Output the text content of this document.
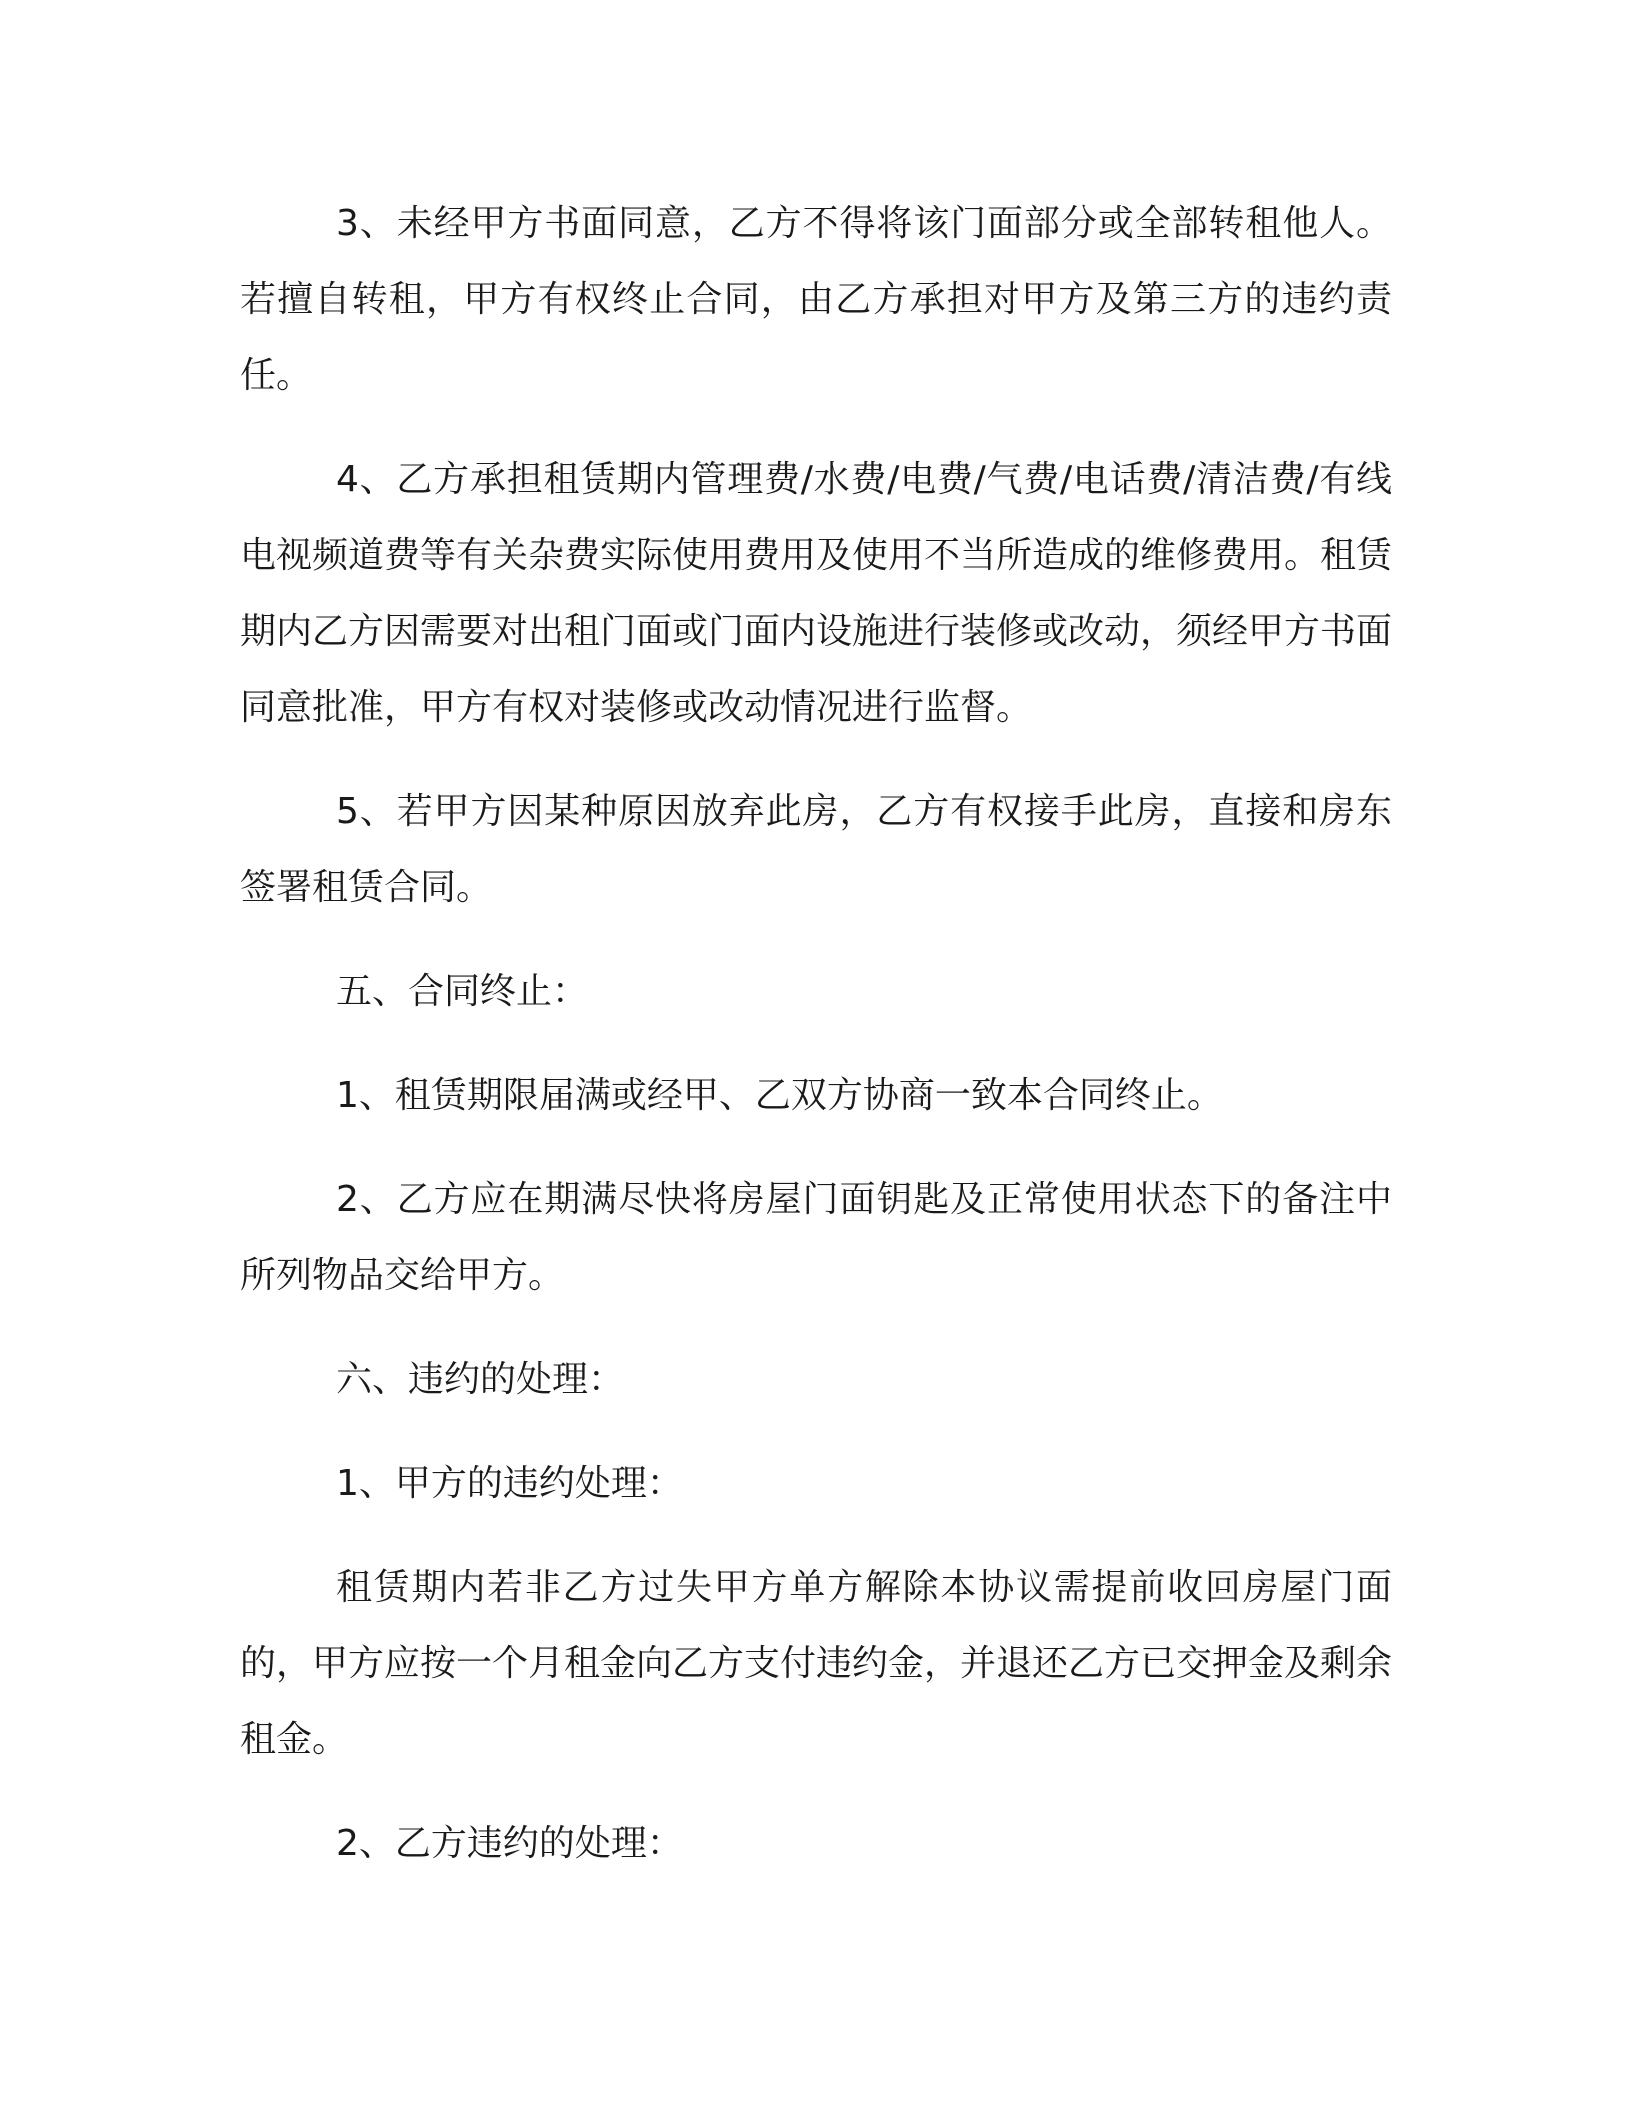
3、未经甲方书面同意，乙方不得将该门面部分或全部转租他人。若擅自转租，甲方有权终止合同，由乙方承担对甲方及第三方的违约责任。

4、乙方承担租赁期内管理费/水费/电费/气费/电话费/清洁费/有线电视频道费等有关杂费实际使用费用及使用不当所造成的维修费用。租赁期内乙方因需要对出租门面或门面内设施进行装修或改动，须经甲方书面同意批准，甲方有权对装修或改动情况进行监督。

5、若甲方因某种原因放弃此房，乙方有权接手此房，直接和房东签署租赁合同。

五、合同终止：

1、租赁期限届满或经甲、乙双方协商一致本合同终止。

2、乙方应在期满尽快将房屋门面钥匙及正常使用状态下的备注中所列物品交给甲方。

六、违约的处理：

1、甲方的违约处理：

租赁期内若非乙方过失甲方单方解除本协议需提前收回房屋门面的，甲方应按一个月租金向乙方支付违约金，并退还乙方已交押金及剩余租金。

2、乙方违约的处理：
